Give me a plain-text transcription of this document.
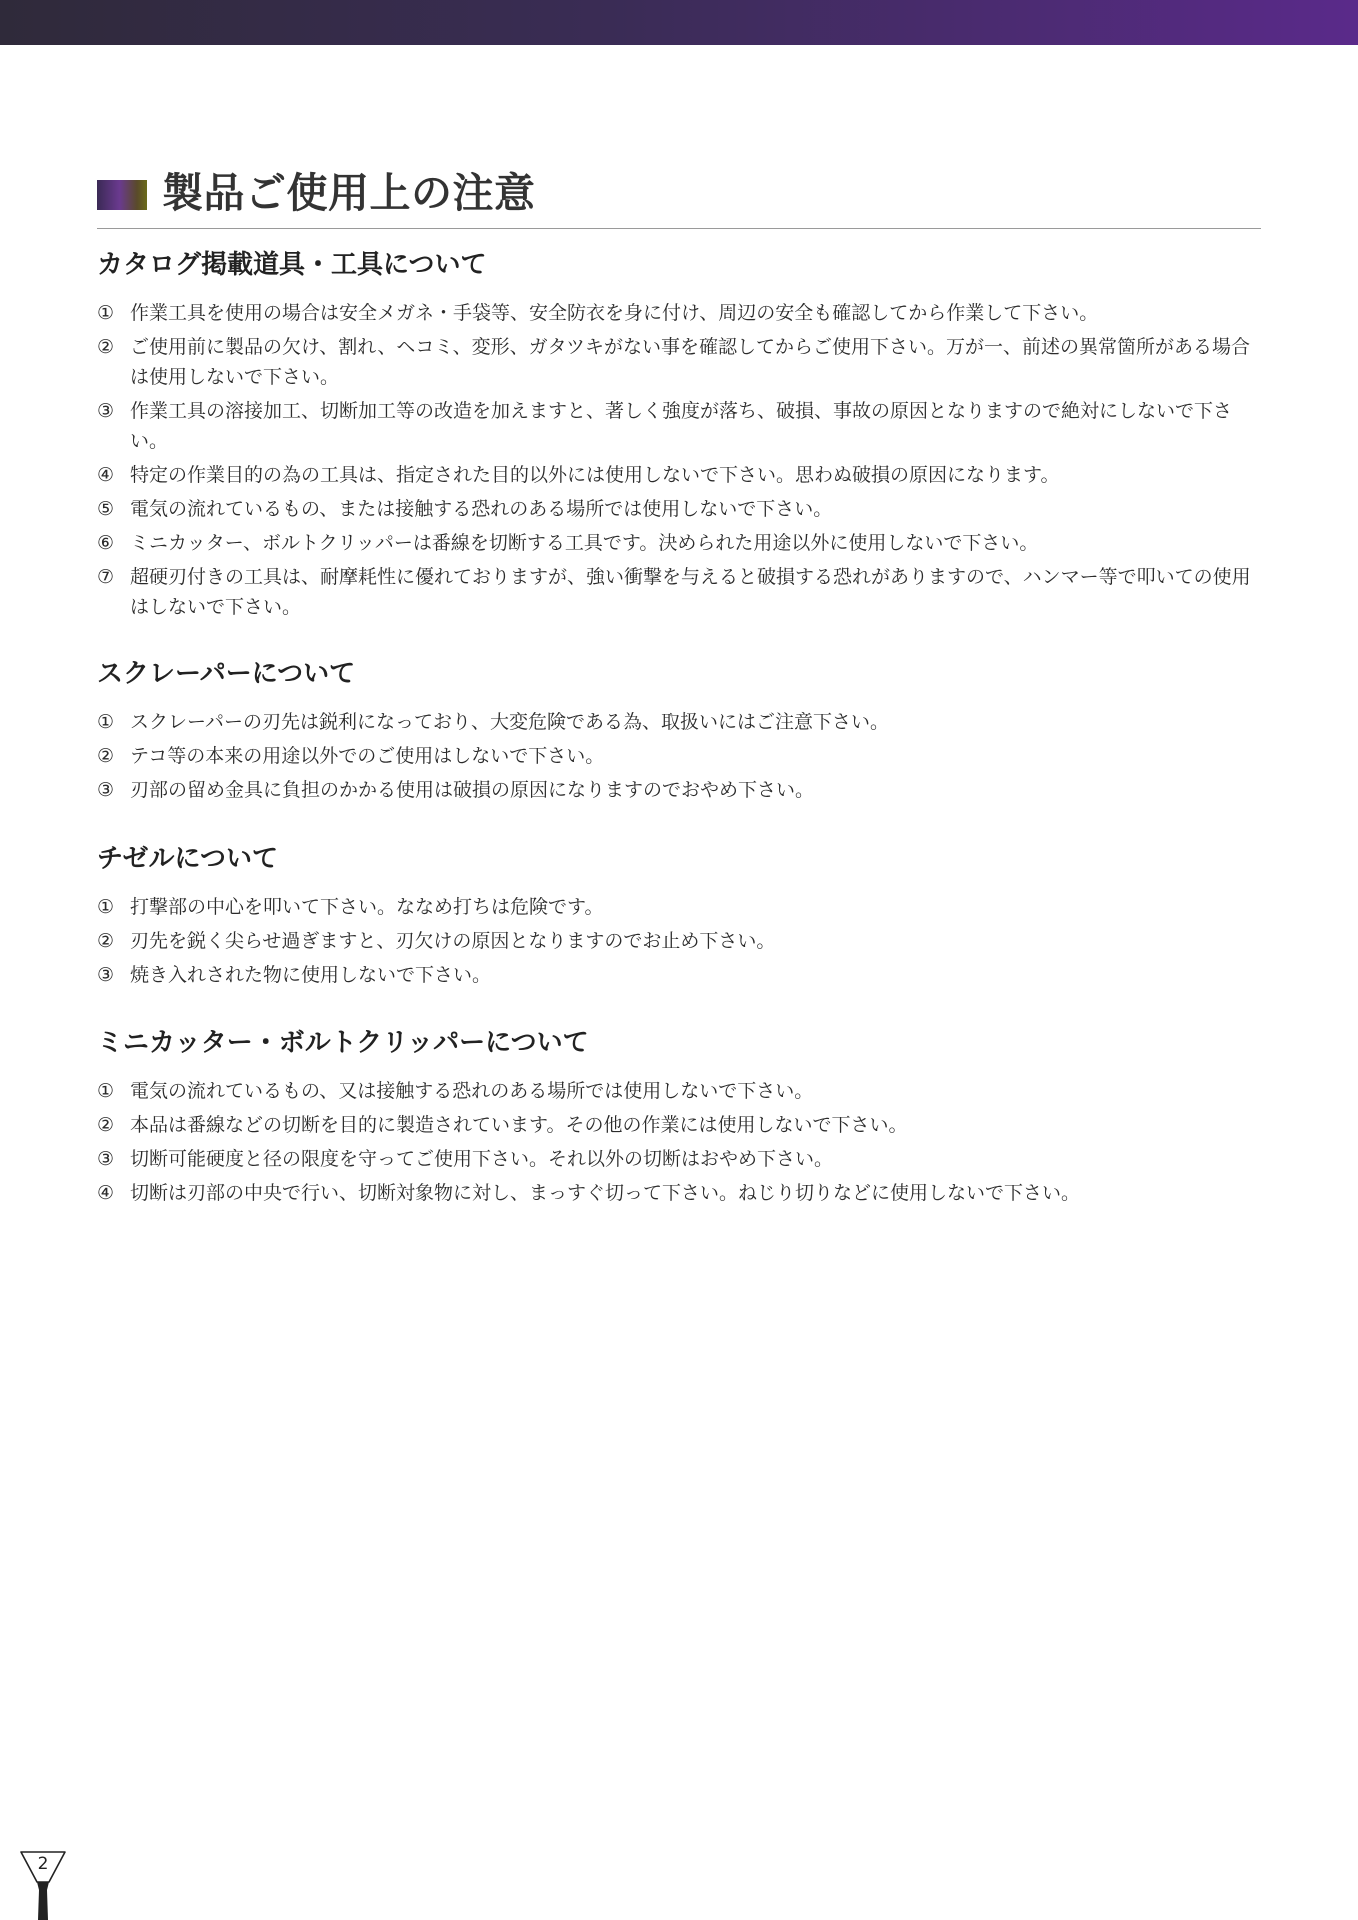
製品ご使用上の注意
カタログ掲載道具・工具について
① 作業工具を使用の場合は安全メガネ・手袋等、安全防衣を身に付け、周辺の安全も確認してから作業して下さい。
② ご使用前に製品の欠け、割れ、ヘコミ、変形、ガタツキがない事を確認してからご使用下さい。万が一、前述の異常箇所がある場合は使用しないで下さい。
③ 作業工具の溶接加工、切断加工等の改造を加えますと、著しく強度が落ち、破損、事故の原因となりますので絶対にしないで下さい。
④ 特定の作業目的の為の工具は、指定された目的以外には使用しないで下さい。思わぬ破損の原因になります。
⑤ 電気の流れているもの、または接触する恐れのある場所では使用しないで下さい。
⑥ ミニカッター、ボルトクリッパーは番線を切断する工具です。決められた用途以外に使用しないで下さい。
⑦ 超硬刃付きの工具は、耐摩耗性に優れておりますが、強い衝撃を与えると破損する恐れがありますので、ハンマー等で叩いての使用はしないで下さい。
スクレーパーについて
① スクレーパーの刃先は鋭利になっており、大変危険である為、取扱いにはご注意下さい。
② テコ等の本来の用途以外でのご使用はしないで下さい。
③ 刃部の留め金具に負担のかかる使用は破損の原因になりますのでおやめ下さい。
チゼルについて
① 打撃部の中心を叩いて下さい。ななめ打ちは危険です。
② 刃先を鋭く尖らせ過ぎますと、刃欠けの原因となりますのでお止め下さい。
③ 焼き入れされた物に使用しないで下さい。
ミニカッター・ボルトクリッパーについて
① 電気の流れているもの、又は接触する恐れのある場所では使用しないで下さい。
② 本品は番線などの切断を目的に製造されています。その他の作業には使用しないで下さい。
③ 切断可能硬度と径の限度を守ってご使用下さい。それ以外の切断はおやめ下さい。
④ 切断は刃部の中央で行い、切断対象物に対し、まっすぐ切って下さい。ねじり切りなどに使用しないで下さい。
2
